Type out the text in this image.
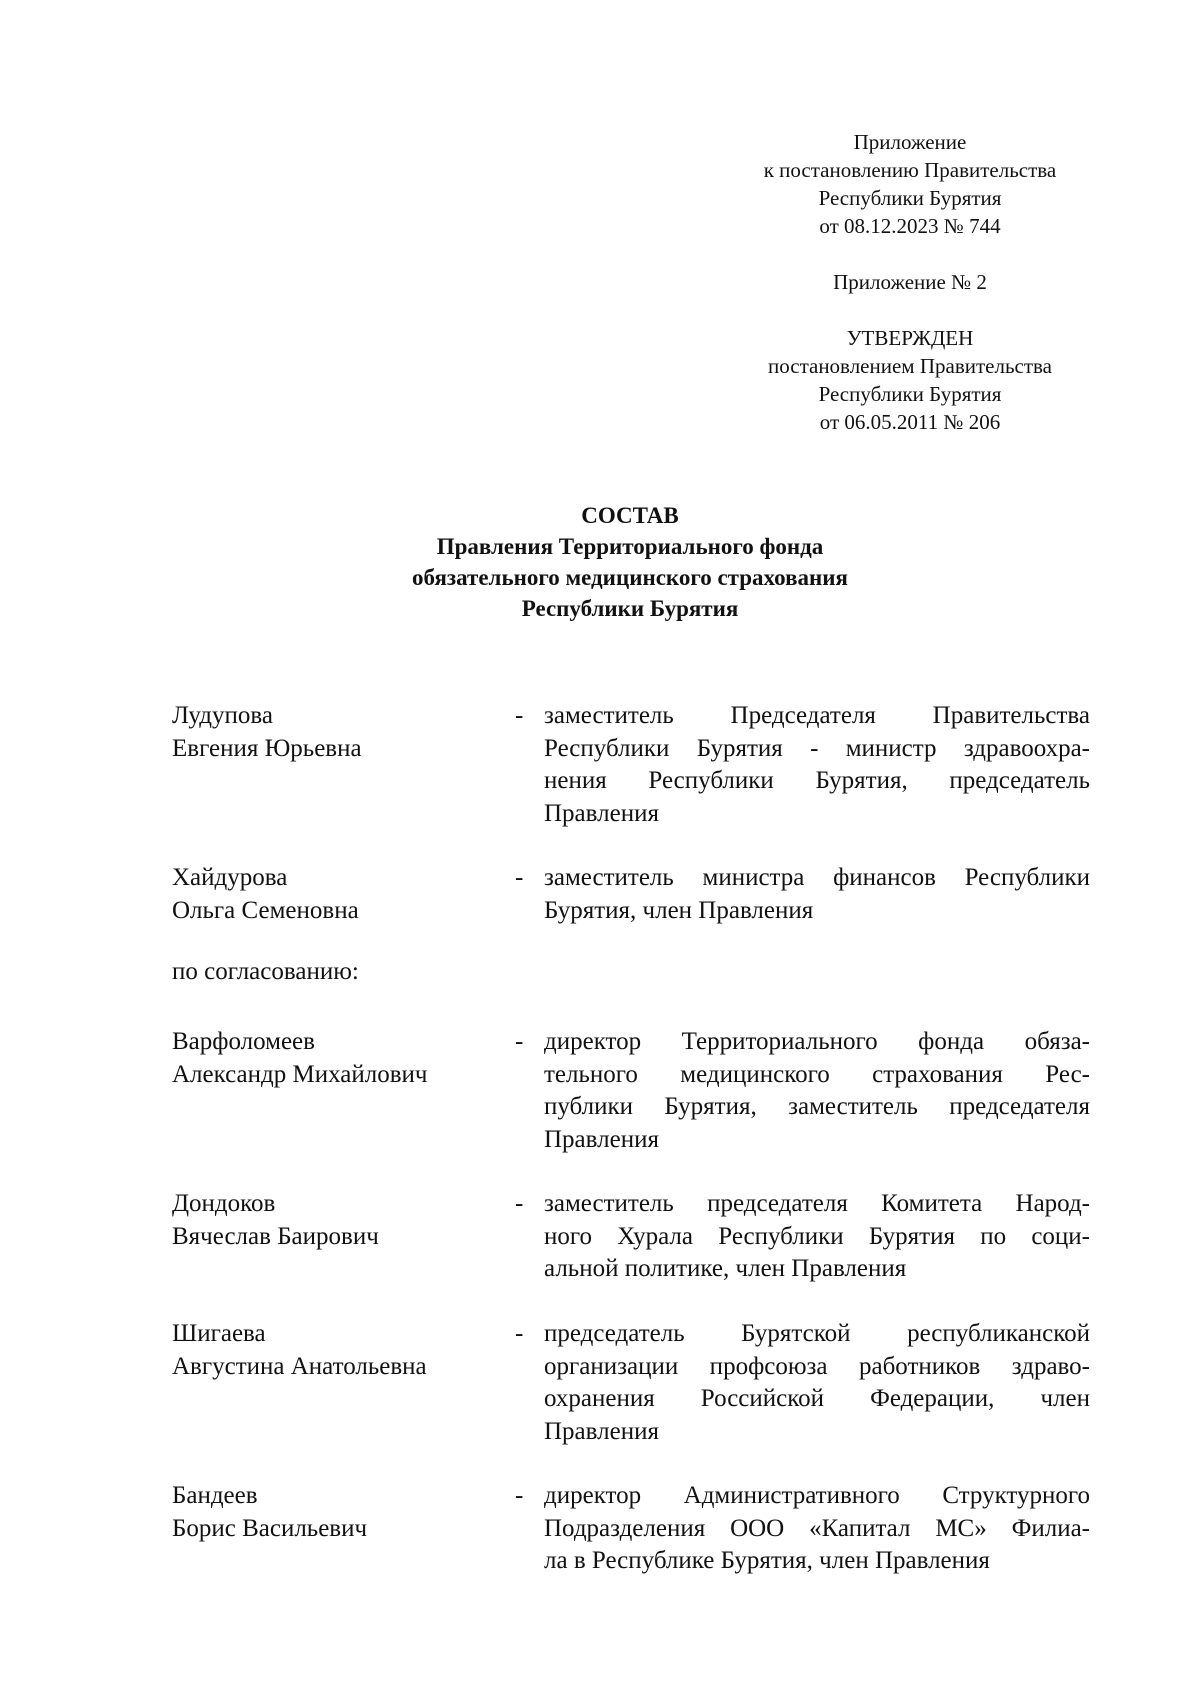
Приложение
к постановлению Правительства
Республики Бурятия
от 08.12.2023 № 744
Приложение № 2
УТВЕРЖДЕН
постановлением Правительства
Республики Бурятия
от 06.05.2011 № 206
СОСТАВ
Правления Территориального фонда
обязательного медицинского страхования
Республики Бурятия
Лудупова
Евгения Юрьевна
- заместитель Председателя Правительства
Республики Бурятия - министр здравоохра-
нения Республики Бурятия, председатель
Правления
Хайдурова
Ольга Семеновна
- заместитель министра финансов Республики
Бурятия, член Правления
по согласованию:
Варфоломеев
Александр Михайлович
- директор Территориального фонда обяза-
тельного медицинского страхования Рес-
публики Бурятия, заместитель председателя
Правления
Дондоков
Вячеслав Баирович
- заместитель председателя Комитета Народ-
ного Хурала Республики Бурятия по соци-
альной политике, член Правления
Шигаева
Августина Анатольевна
- председатель Бурятской республиканской
организации профсоюза работников здраво-
охранения Российской Федерации, член
Правления
Бандеев
Борис Васильевич
- директор Административного Структурного
Подразделения ООО «Капитал МС» Филиа-
ла в Республике Бурятия, член Правления
